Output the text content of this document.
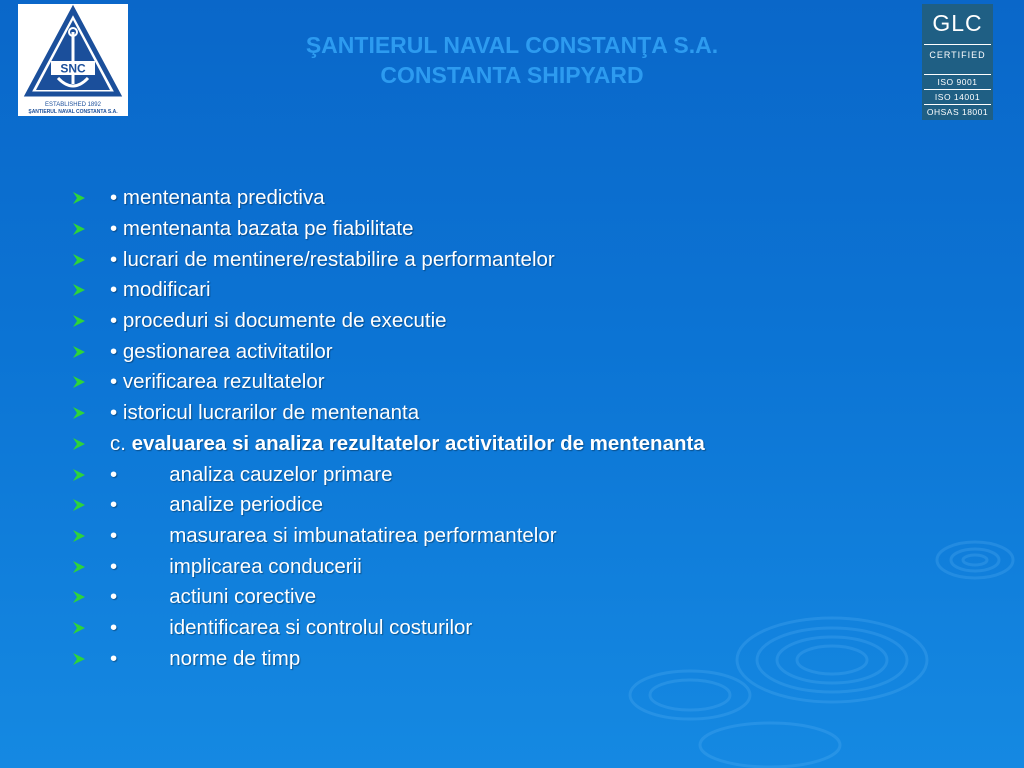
SNC
ESTABLISHED 1892
ŞANTIERUL NAVAL CONSTANTA S.A.
ŞANTIERUL NAVAL CONSTANŢA S.A.
CONSTANTA SHIPYARD
GLC
CERTIFIED
ISO 9001
ISO 14001
OHSAS 18001
•
mentenanta predictiva
•
mentenanta bazata pe fiabilitate
•
lucrari de mentinere/restabilire a performantelor
•
modificari
•
proceduri si documente de executie
•
gestionarea activitatilor
•
verificarea rezultatelor
•
istoricul lucrarilor de mentenanta
c.
evaluarea si analiza rezultatelor activitatilor de mentenanta
•	analiza cauzelor primare
•	analize periodice
•	masurarea si imbunatatirea performantelor
•	implicarea conducerii
•	actiuni corective
•	identificarea si controlul costurilor
•	norme de timp
